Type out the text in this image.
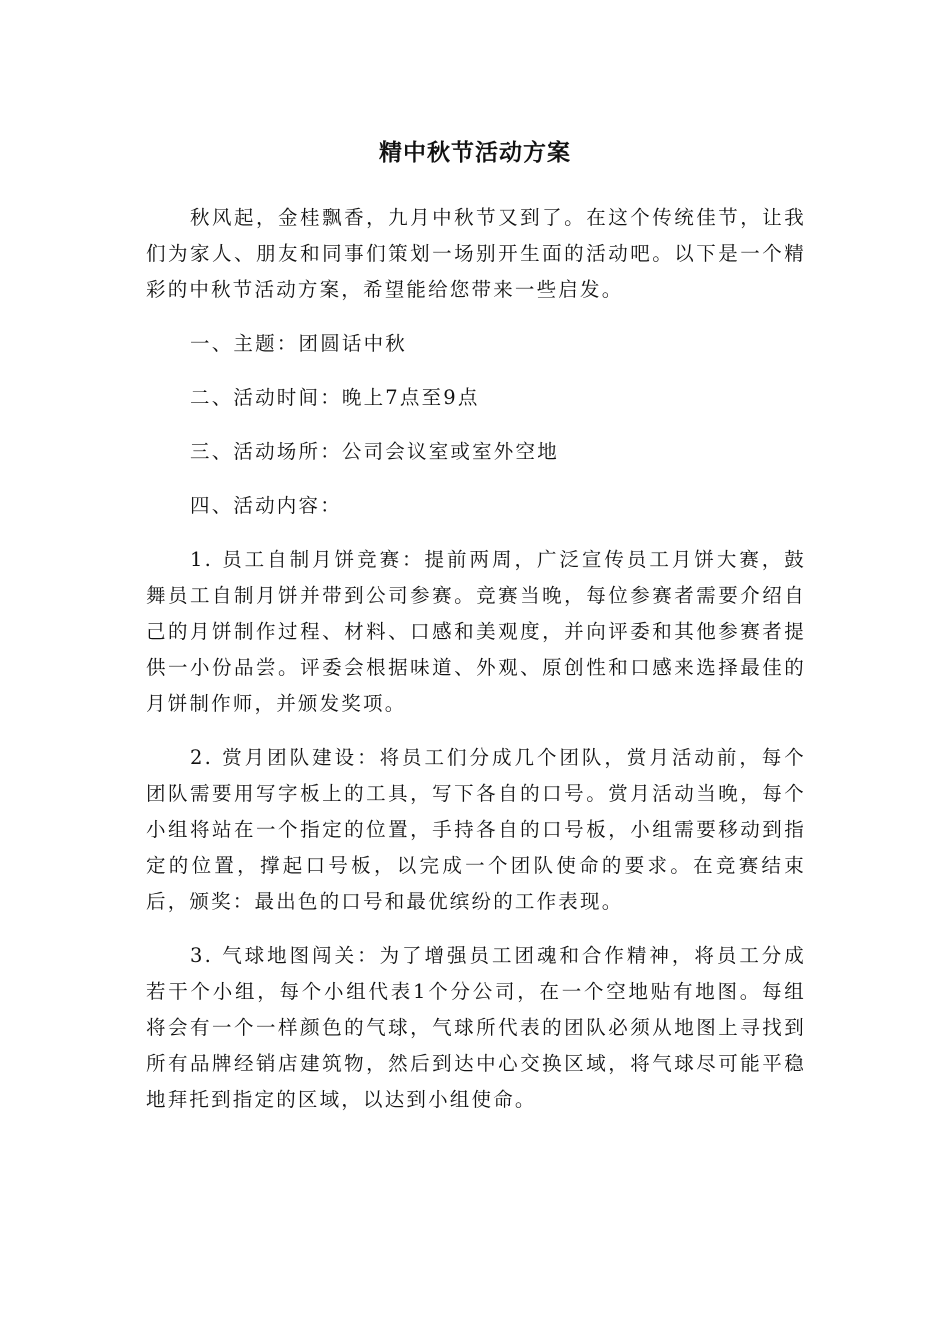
精中秋节活动方案

秋风起，金桂飘香，九月中秋节又到了。在这个传统佳节，让我们为家人、朋友和同事们策划一场别开生面的活动吧。以下是一个精彩的中秋节活动方案，希望能给您带来一些启发。

一、主题：团圆话中秋

二、活动时间：晚上7点至9点

三、活动场所：公司会议室或室外空地

四、活动内容：

1. 员工自制月饼竞赛：提前两周，广泛宣传员工月饼大赛，鼓舞员工自制月饼并带到公司参赛。竞赛当晚，每位参赛者需要介绍自己的月饼制作过程、材料、口感和美观度，并向评委和其他参赛者提供一小份品尝。评委会根据味道、外观、原创性和口感来选择最佳的月饼制作师，并颁发奖项。

2. 赏月团队建设：将员工们分成几个团队，赏月活动前，每个团队需要用写字板上的工具，写下各自的口号。赏月活动当晚，每个小组将站在一个指定的位置，手持各自的口号板，小组需要移动到指定的位置，撑起口号板，以完成一个团队使命的要求。在竞赛结束后，颁奖：最出色的口号和最优缤纷的工作表现。

3. 气球地图闯关：为了增强员工团魂和合作精神，将员工分成若干个小组，每个小组代表1个分公司，在一个空地贴有地图。每组将会有一个一样颜色的气球，气球所代表的团队必须从地图上寻找到所有品牌经销店建筑物，然后到达中心交换区域，将气球尽可能平稳地拜托到指定的区域，以达到小组使命。
